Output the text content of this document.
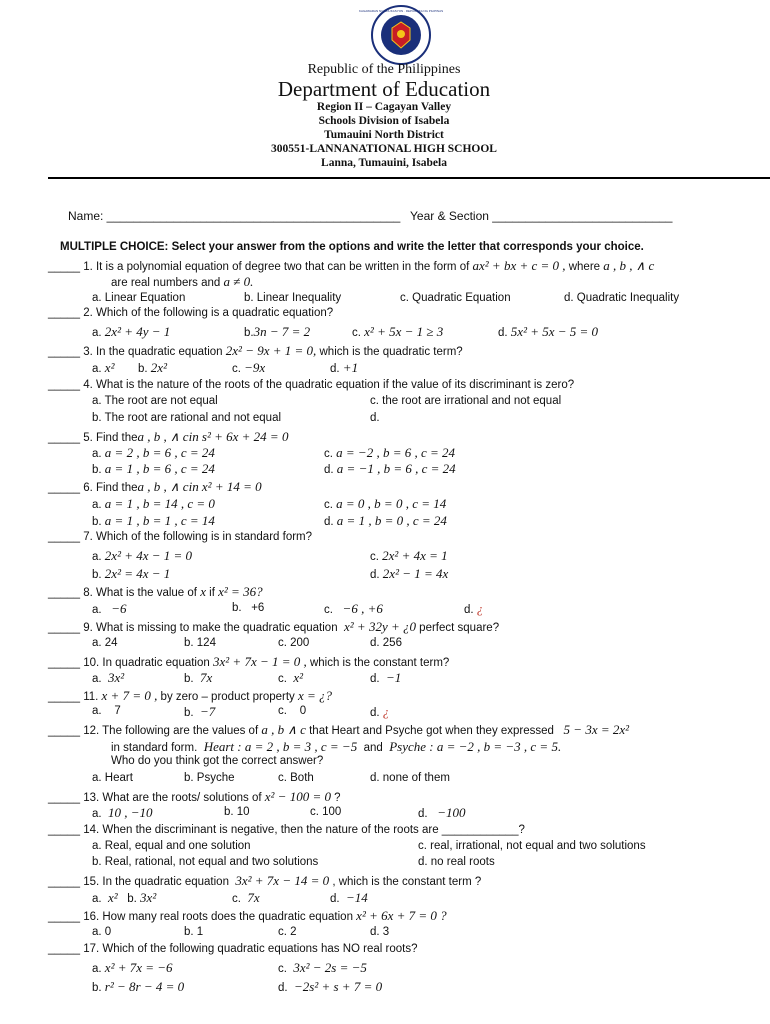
KAGAWARAN NG EDUKASYON · REPUBLIKA NG PILIPINAS
Republic of the Philippines
Department of Education
Region II – Cagayan Valley
Schools Division of Isabela
Tumauini North District
300551-LANNANATIONAL HIGH SCHOOL
Lanna, Tumauini, Isabela
Name: ____________________________________________ Year & Section ___________________________
MULTIPLE CHOICE: Select your answer from the options and write the letter that corresponds your choice.
_____ 1. It is a polynomial equation of degree two that can be written in the form of ax² + bx + c = 0 , where a , b , ∧ c
are real numbers and a ≠ 0.
a. Linear Equation	b. Linear Inequality	c. Quadratic Equation	d. Quadratic Inequality
_____ 2. Which of the following is a quadratic equation?
a. 2x² + 4y − 1	b.3n − 7 = 2	c. x² + 5x − 1 ≥ 3	d. 5x² + 5x − 5 = 0
_____ 3. In the quadratic equation 2x² − 9x + 1 = 0, which is the quadratic term?
a. x² b. 2x²	c. −9x	d. +1
_____ 4. What is the nature of the roots of the quadratic equation if the value of its discriminant is zero?
a. The root are not equal	c. the root are irrational and not equal
b. The root are rational and not equal	d.
_____ 5. Find thea , b , ∧ cin s² + 6x + 24 = 0
a. a = 2 , b = 6 , c = 24	c. a = −2 , b = 6 , c = 24
b. a = 1 , b = 6 , c = 24	d. a = −1 , b = 6 , c = 24
_____ 6. Find thea , b , ∧ cin x² + 14 = 0
a. a = 1 , b = 14 , c = 0	c. a = 0 , b = 0 , c = 14
b. a = 1 , b = 1 , c = 14	d. a = 1 , b = 0 , c = 24
_____ 7. Which of the following is in standard form?
a. 2x² + 4x − 1 = 0	c. 2x² + 4x = 1
b. 2x² = 4x − 1	d. 2x² − 1 = 4x
_____ 8. What is the value of x if x² = 36?
a. −6	b. +6	c. −6 , +6	d. ¿
_____ 9. What is missing to make the quadratic equation x² + 32y + ¿0 perfect square?
a. 24	b. 124	c. 200	d. 256
_____ 10. In quadratic equation 3x² + 7x − 1 = 0 , which is the constant term?
a. 3x²	b. 7x	c. x²	d. −1
_____ 11. x + 7 = 0 , by zero – product property x = ¿?
a. 7	b. −7	c. 0	d. ¿
_____ 12. The following are the values of a , b ∧ c that Heart and Psyche got when they expressed 5 − 3x = 2x²
in standard form. Heart : a = 2 , b = 3 , c = −5 and Psyche : a = −2 , b = −3 , c = 5.
Who do you think got the correct answer?
a. Heart	b. Psyche	c. Both	d. none of them
_____ 13. What are the roots/ solutions of x² − 100 = 0 ?
a. 10 , −10	b. 10	c. 100	d. −100
_____ 14. When the discriminant is negative, then the nature of the roots are ____________?
a. Real, equal and one solution	c. real, irrational, not equal and two solutions
b. Real, rational, not equal and two solutions	d. no real roots
_____ 15. In the quadratic equation 3x² + 7x − 14 = 0 , which is the constant term ?
a. x² b. 3x²	c. 7x	d. −14
_____ 16. How many real roots does the quadratic equation x² + 6x + 7 = 0 ?
a. 0	b. 1	c. 2	d. 3
_____ 17. Which of the following quadratic equations has NO real roots?
a. x² + 7x = −6	c. 3x² − 2s = −5
b. r² − 8r − 4 = 0	d. −2s² + s + 7 = 0
